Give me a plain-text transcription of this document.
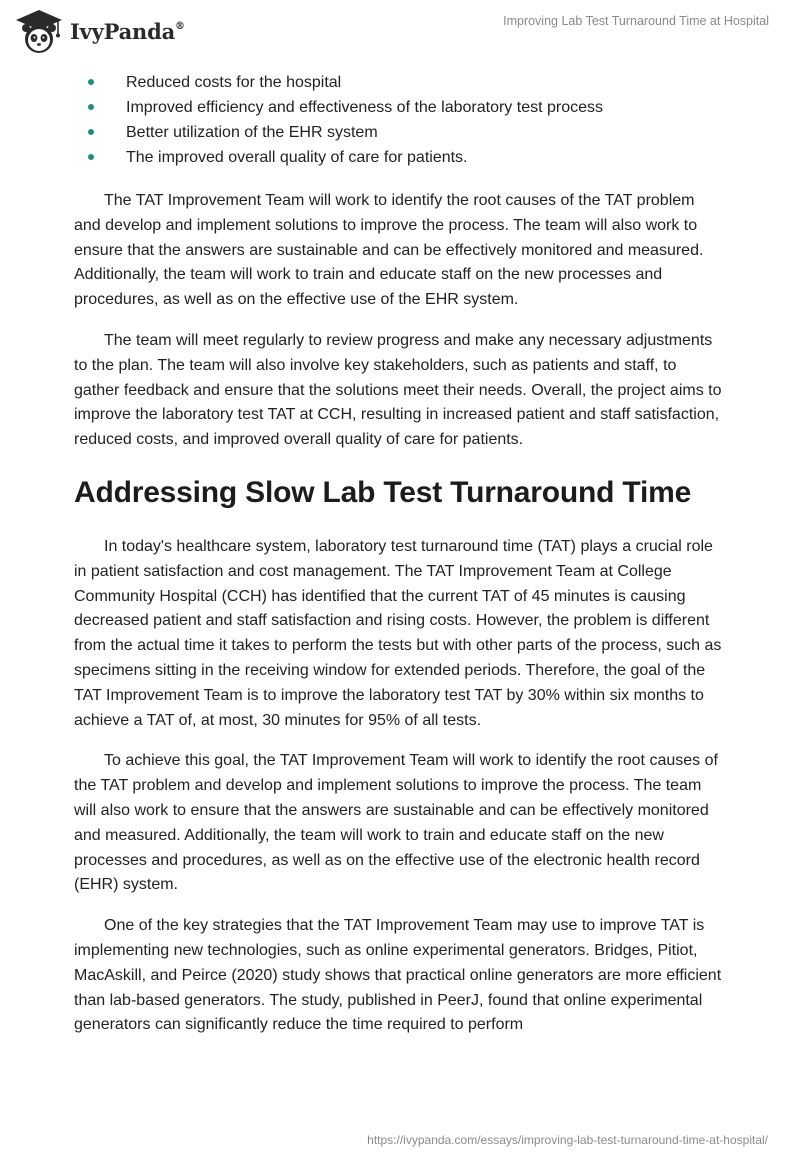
IvyPanda®	Improving Lab Test Turnaround Time at Hospital
Reduced costs for the hospital
Improved efficiency and effectiveness of the laboratory test process
Better utilization of the EHR system
The improved overall quality of care for patients.

The TAT Improvement Team will work to identify the root causes of the TAT problem and develop and implement solutions to improve the process. The team will also work to ensure that the answers are sustainable and can be effectively monitored and measured. Additionally, the team will work to train and educate staff on the new processes and procedures, as well as on the effective use of the EHR system.

The team will meet regularly to review progress and make any necessary adjustments to the plan. The team will also involve key stakeholders, such as patients and staff, to gather feedback and ensure that the solutions meet their needs. Overall, the project aims to improve the laboratory test TAT at CCH, resulting in increased patient and staff satisfaction, reduced costs, and improved overall quality of care for patients.

Addressing Slow Lab Test Turnaround Time

In today's healthcare system, laboratory test turnaround time (TAT) plays a crucial role in patient satisfaction and cost management. The TAT Improvement Team at College Community Hospital (CCH) has identified that the current TAT of 45 minutes is causing decreased patient and staff satisfaction and rising costs. However, the problem is different from the actual time it takes to perform the tests but with other parts of the process, such as specimens sitting in the receiving window for extended periods. Therefore, the goal of the TAT Improvement Team is to improve the laboratory test TAT by 30% within six months to achieve a TAT of, at most, 30 minutes for 95% of all tests.

To achieve this goal, the TAT Improvement Team will work to identify the root causes of the TAT problem and develop and implement solutions to improve the process. The team will also work to ensure that the answers are sustainable and can be effectively monitored and measured. Additionally, the team will work to train and educate staff on the new processes and procedures, as well as on the effective use of the electronic health record (EHR) system.

One of the key strategies that the TAT Improvement Team may use to improve TAT is implementing new technologies, such as online experimental generators. Bridges, Pitiot, MacAskill, and Peirce (2020) study shows that practical online generators are more efficient than lab-based generators. The study, published in PeerJ, found that online experimental generators can significantly reduce the time required to perform

https://ivypanda.com/essays/improving-lab-test-turnaround-time-at-hospital/
